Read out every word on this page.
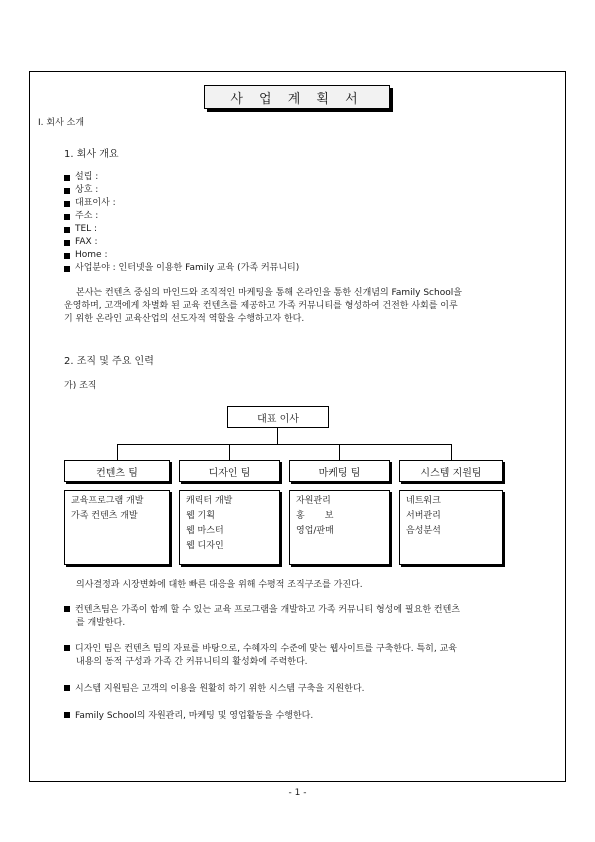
사 업 계 획 서
I. 회사 소개
1. 회사 개요
설립 :
상호 :
대표이사 :
주소 :
TEL :
FAX :
Home :
사업분야 : 인터넷을 이용한 Family 교육 (가족 커뮤니티)

본사는 컨텐츠 중심의 마인드와 조직적인 마케팅을 통해 온라인을 통한 신개념의 Family School을

운영하며, 고객에게 차별화 된 교육 컨텐츠를 제공하고 가족 커뮤니티를 형성하여 건전한 사회를 이루

기 위한 온라인 교육산업의 선도자적 역할을 수행하고자 한다.

2. 조직 및 주요 인력
가) 조직
대표 이사
컨텐츠 팀	디자인 팀	마케팅 팀	시스템 지원팀
교육프로그램 개발
가족 컨텐츠 개발
캐릭터 개발
웹 기획
웹 마스터
웹 디자인
자원관리
홍       보
영업/판매
네트워크
서버관리
음성분석
의사결정과 시장변화에 대한 빠른 대응을 위해 수평적 조직구조를 가진다.
컨텐츠팀은 가족이 함께 할 수 있는 교육 프로그램을 개발하고 가족 커뮤니티 형성에 필요한 컨텐츠
를 개발한다.
디자인 팀은 컨텐츠 팀의 자료를 바탕으로, 수혜자의 수준에 맞는 웹사이트를 구축한다. 특히, 교육
내용의 동적 구성과 가족 간 커뮤니티의 활성화에 주력한다.
시스템 지원팀은 고객의 이용을 원활히 하기 위한 시스템 구축을 지원한다.
Family School의 자원관리, 마케팅 및 영업활동을 수행한다.
- 1 -
